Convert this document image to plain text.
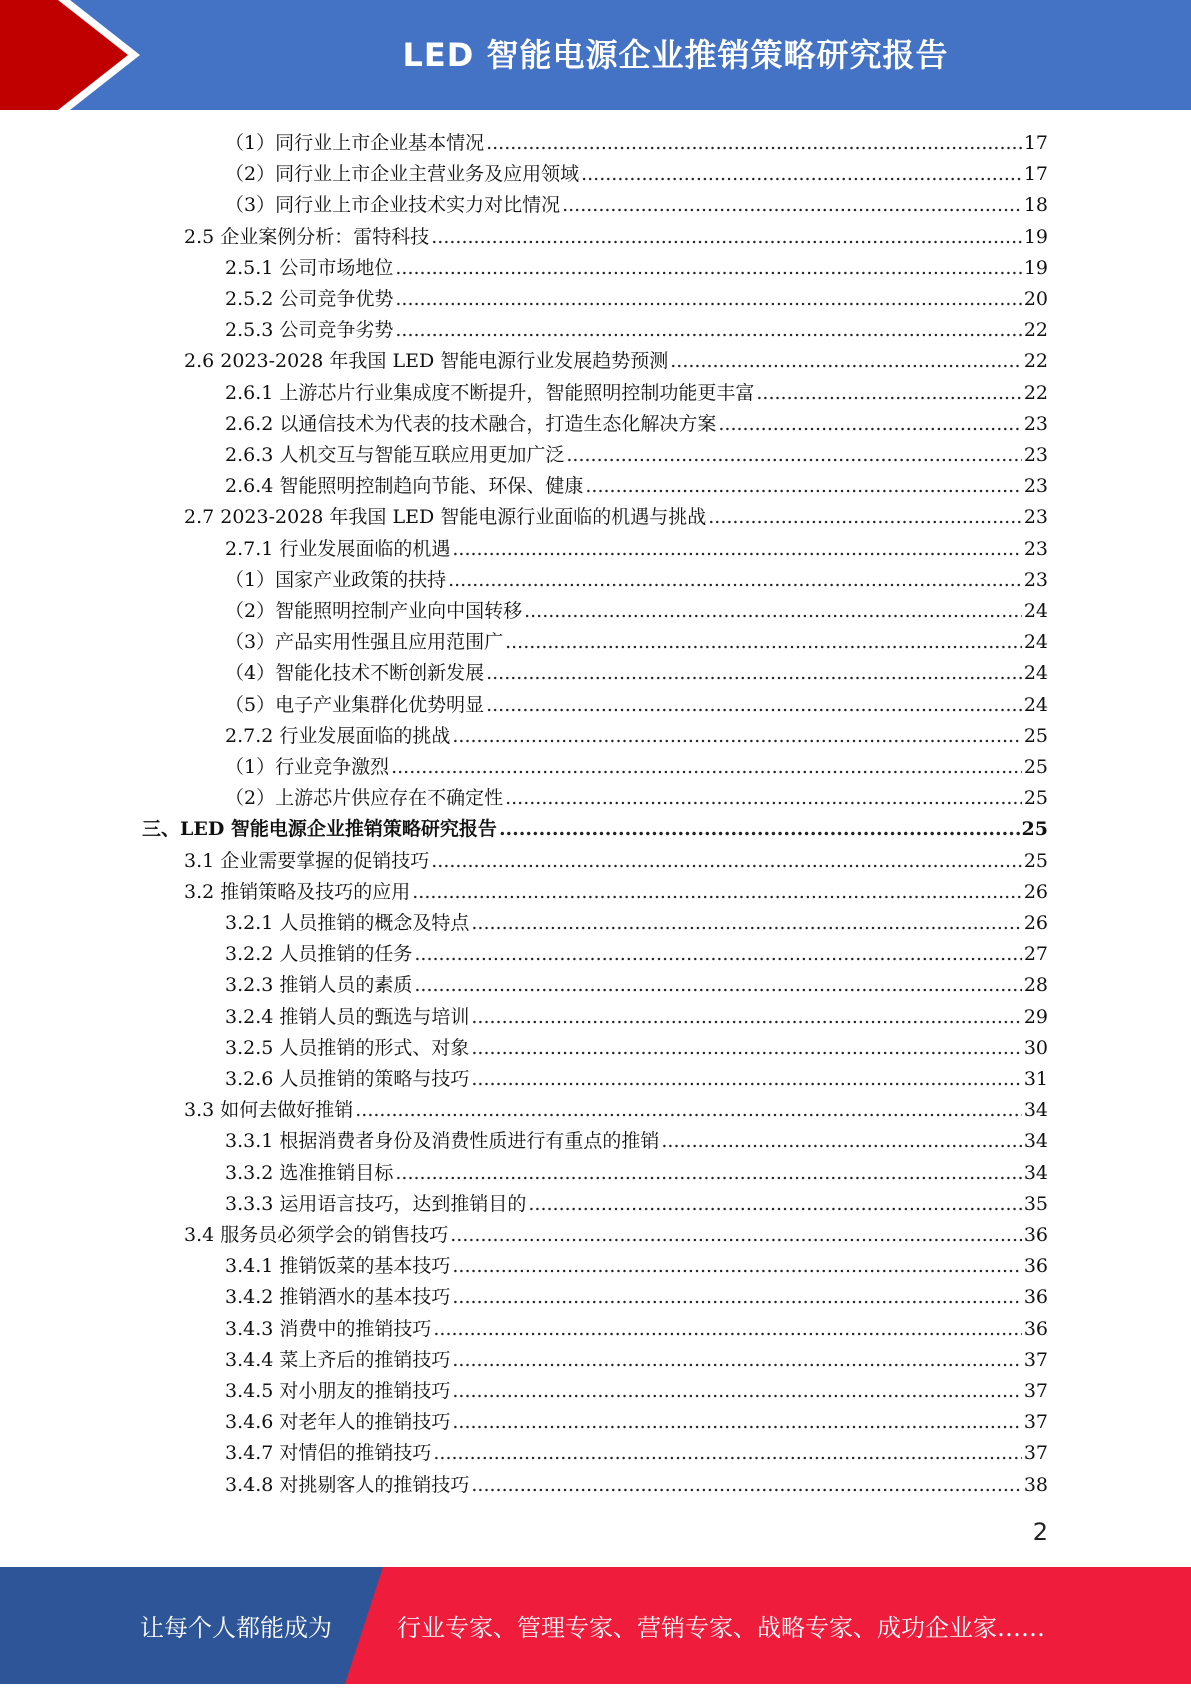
LED 智能电源企业推销策略研究报告
（1）同行业上市企业基本情况 .....	17
（2）同行业上市企业主营业务及应用领域 .....	17
（3）同行业上市企业技术实力对比情况 .....	18
2.5 企业案例分析：雷特科技 .....	19
2.5.1 公司市场地位 .....	19
2.5.2 公司竞争优势 .....	20
2.5.3 公司竞争劣势 .....	22
2.6 2023-2028 年我国 LED 智能电源行业发展趋势预测 .....	22
2.6.1 上游芯片行业集成度不断提升，智能照明控制功能更丰富 .....	22
2.6.2 以通信技术为代表的技术融合，打造生态化解决方案 .....	23
2.6.3 人机交互与智能互联应用更加广泛 .....	23
2.6.4 智能照明控制趋向节能、环保、健康 .....	23
2.7 2023-2028 年我国 LED 智能电源行业面临的机遇与挑战 .....	23
2.7.1 行业发展面临的机遇 .....	23
（1）国家产业政策的扶持 .....	23
（2）智能照明控制产业向中国转移 .....	24
（3）产品实用性强且应用范围广 .....	24
（4）智能化技术不断创新发展 .....	24
（5）电子产业集群化优势明显 .....	24
2.7.2 行业发展面临的挑战 .....	25
（1）行业竞争激烈 .....	25
（2）上游芯片供应存在不确定性 .....	25
三、LED 智能电源企业推销策略研究报告 .....	25
3.1 企业需要掌握的促销技巧 .....	25
3.2 推销策略及技巧的应用 .....	26
3.2.1 人员推销的概念及特点 .....	26
3.2.2 人员推销的任务 .....	27
3.2.3 推销人员的素质 .....	28
3.2.4 推销人员的甄选与培训 .....	29
3.2.5 人员推销的形式、对象 .....	30
3.2.6 人员推销的策略与技巧 .....	31
3.3 如何去做好推销 .....	34
3.3.1 根据消费者身份及消费性质进行有重点的推销 .....	34
3.3.2 选准推销目标 .....	34
3.3.3 运用语言技巧，达到推销目的 .....	35
3.4 服务员必须学会的销售技巧 .....	36
3.4.1 推销饭菜的基本技巧 .....	36
3.4.2 推销酒水的基本技巧 .....	36
3.4.3 消费中的推销技巧 .....	36
3.4.4 菜上齐后的推销技巧 .....	37
3.4.5 对小朋友的推销技巧 .....	37
3.4.6 对老年人的推销技巧 .....	37
3.4.7 对情侣的推销技巧 .....	37
3.4.8 对挑剔客人的推销技巧 .....	38
2
让每个人都能成为	行业专家、管理专家、营销专家、战略专家、成功企业家……
